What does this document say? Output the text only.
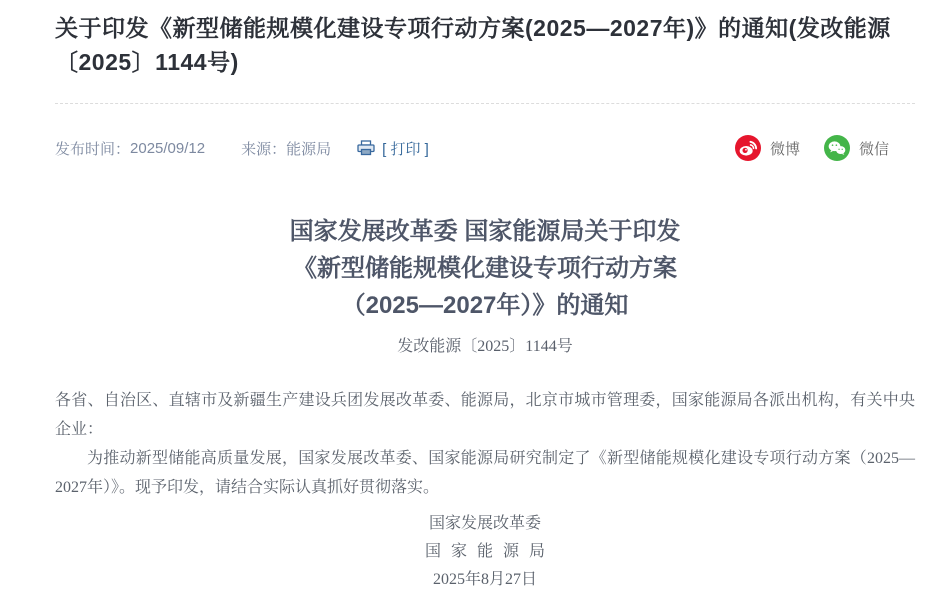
关于印发《新型储能规模化建设专项行动方案(2025—2027年)》的通知(发改能源〔2025〕1144号)
发布时间： 2025/09/12 来源： 能源局	[ 打印 ]	微博	微信
国家发展改革委 国家能源局关于印发
《新型储能规模化建设专项行动方案
（2025—2027年）》的通知
发改能源〔2025〕1144号

各省、自治区、直辖市及新疆生产建设兵团发展改革委、能源局，北京市城市管理委，国家能源局各派出机构，有关中央企业：

为推动新型储能高质量发展，国家发展改革委、国家能源局研究制定了《新型储能规模化建设专项行动方案（2025—2027年）》。现予印发，请结合实际认真抓好贯彻落实。

国家发展改革委
国 家 能 源 局
2025年8月27日
